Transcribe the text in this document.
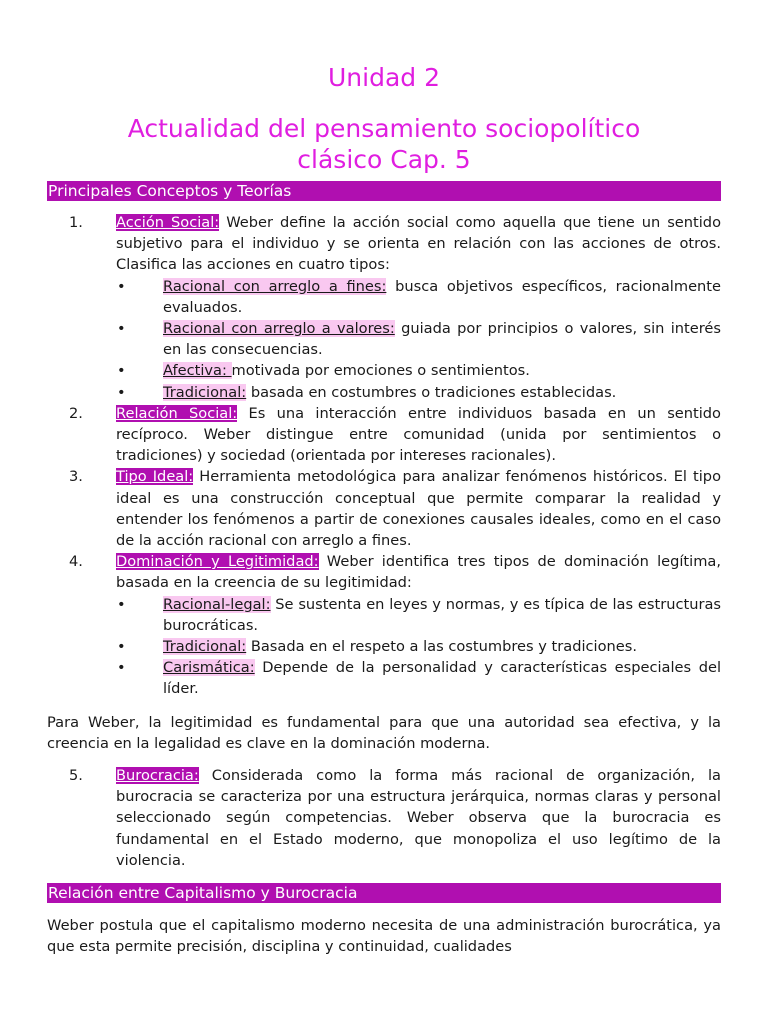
Unidad 2
Actualidad del pensamiento sociopolítico
clásico Cap. 5
Principales Conceptos y Teorías
1. Acción Social: Weber define la acción social como aquella que tiene un sentido subjetivo para el individuo y se orienta en relación con las acciones de otros. Clasifica las acciones en cuatro tipos:
•	Racional con arreglo a fines: busca objetivos específicos, racionalmente evaluados.
•	Racional con arreglo a valores: guiada por principios o valores, sin interés en las consecuencias.
•	Afectiva: motivada por emociones o sentimientos.
•	Tradicional: basada en costumbres o tradiciones establecidas.
2. Relación Social: Es una interacción entre individuos basada en un sentido recíproco. Weber distingue entre comunidad (unida por sentimientos o tradiciones) y sociedad (orientada por intereses racionales).
3. Tipo Ideal: Herramienta metodológica para analizar fenómenos históricos. El tipo ideal es una construcción conceptual que permite comparar la realidad y entender los fenómenos a partir de conexiones causales ideales, como en el caso de la acción racional con arreglo a fines.
4. Dominación y Legitimidad: Weber identifica tres tipos de dominación legítima, basada en la creencia de su legitimidad:
•	Racional-legal: Se sustenta en leyes y normas, y es típica de las estructuras burocráticas.
•	Tradicional: Basada en el respeto a las costumbres y tradiciones.
•	Carismática: Depende de la personalidad y características especiales del líder.
Para Weber, la legitimidad es fundamental para que una autoridad sea efectiva, y la creencia en la legalidad es clave en la dominación moderna.
5. Burocracia: Considerada como la forma más racional de organización, la burocracia se caracteriza por una estructura jerárquica, normas claras y personal seleccionado según competencias. Weber observa que la burocracia es fundamental en el Estado moderno, que monopoliza el uso legítimo de la violencia.
Relación entre Capitalismo y Burocracia
Weber postula que el capitalismo moderno necesita de una administración burocrática, ya que esta permite precisión, disciplina y continuidad, cualidades
